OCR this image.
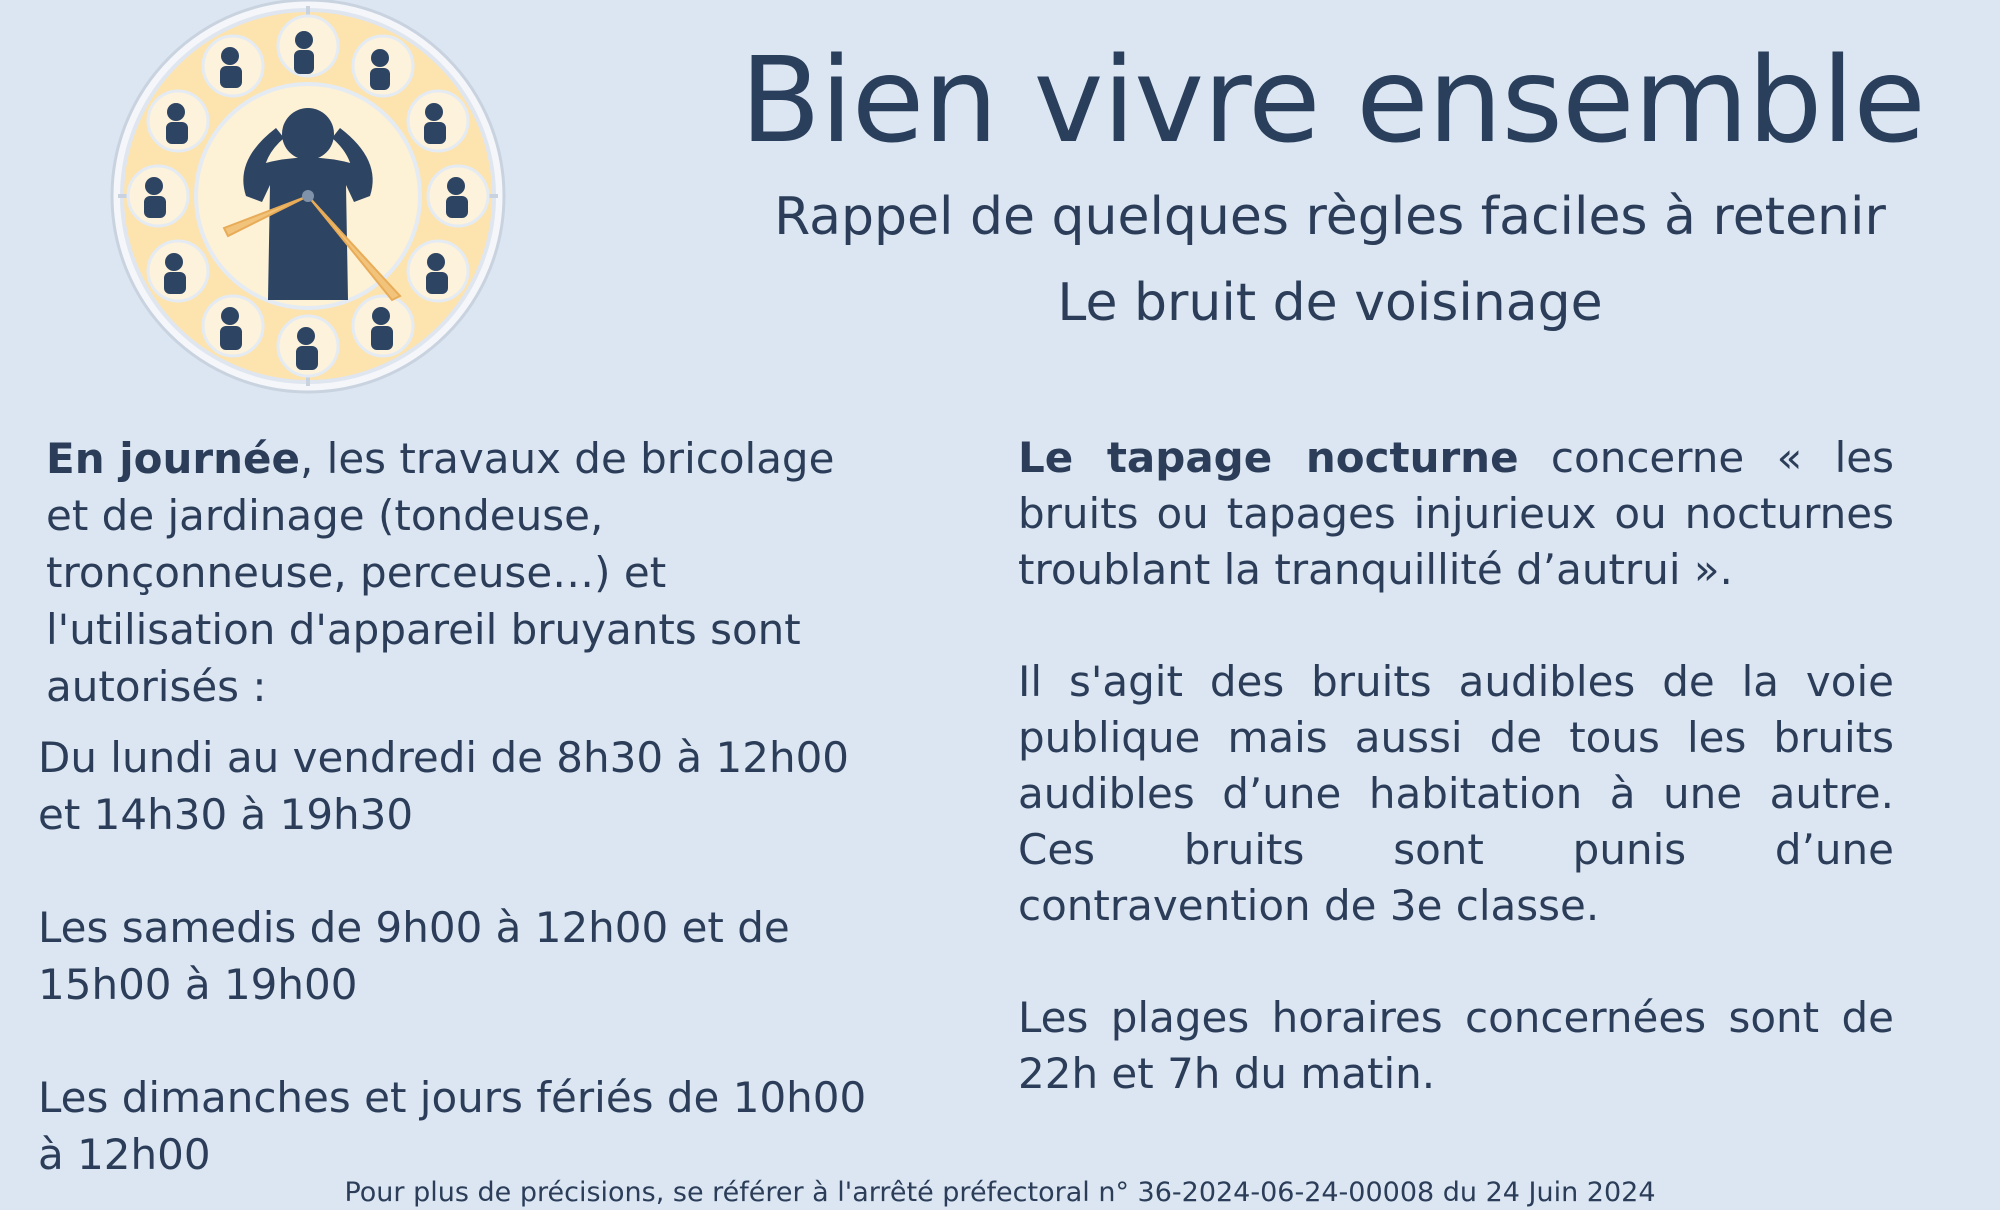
Bien vivre ensemble
Rappel de quelques règles faciles à retenir
Le bruit de voisinage

En journée, les travaux de bricolage et de jardinage (tondeuse, tronçonneuse, perceuse…) et l'utilisation d'appareil bruyants sont autorisés :

Du lundi au vendredi de 8h30 à 12h00 et 14h30 à 19h30

Les samedis de 9h00 à 12h00 et de 15h00 à 19h00

Les dimanches et jours fériés de 10h00 à 12h00

Le tapage nocturne concerne « les bruits ou tapages injurieux ou nocturnes troublant la tranquillité d’autrui ».

Il s'agit des bruits audibles de la voie publique mais aussi de tous les bruits audibles d’une habitation à une autre. Ces bruits sont punis d’une contravention de 3e classe.

Les plages horaires concernées sont de 22h et 7h du matin.

Pour plus de précisions, se référer à l'arrêté préfectoral n° 36-2024-06-24-00008 du 24 Juin 2024
